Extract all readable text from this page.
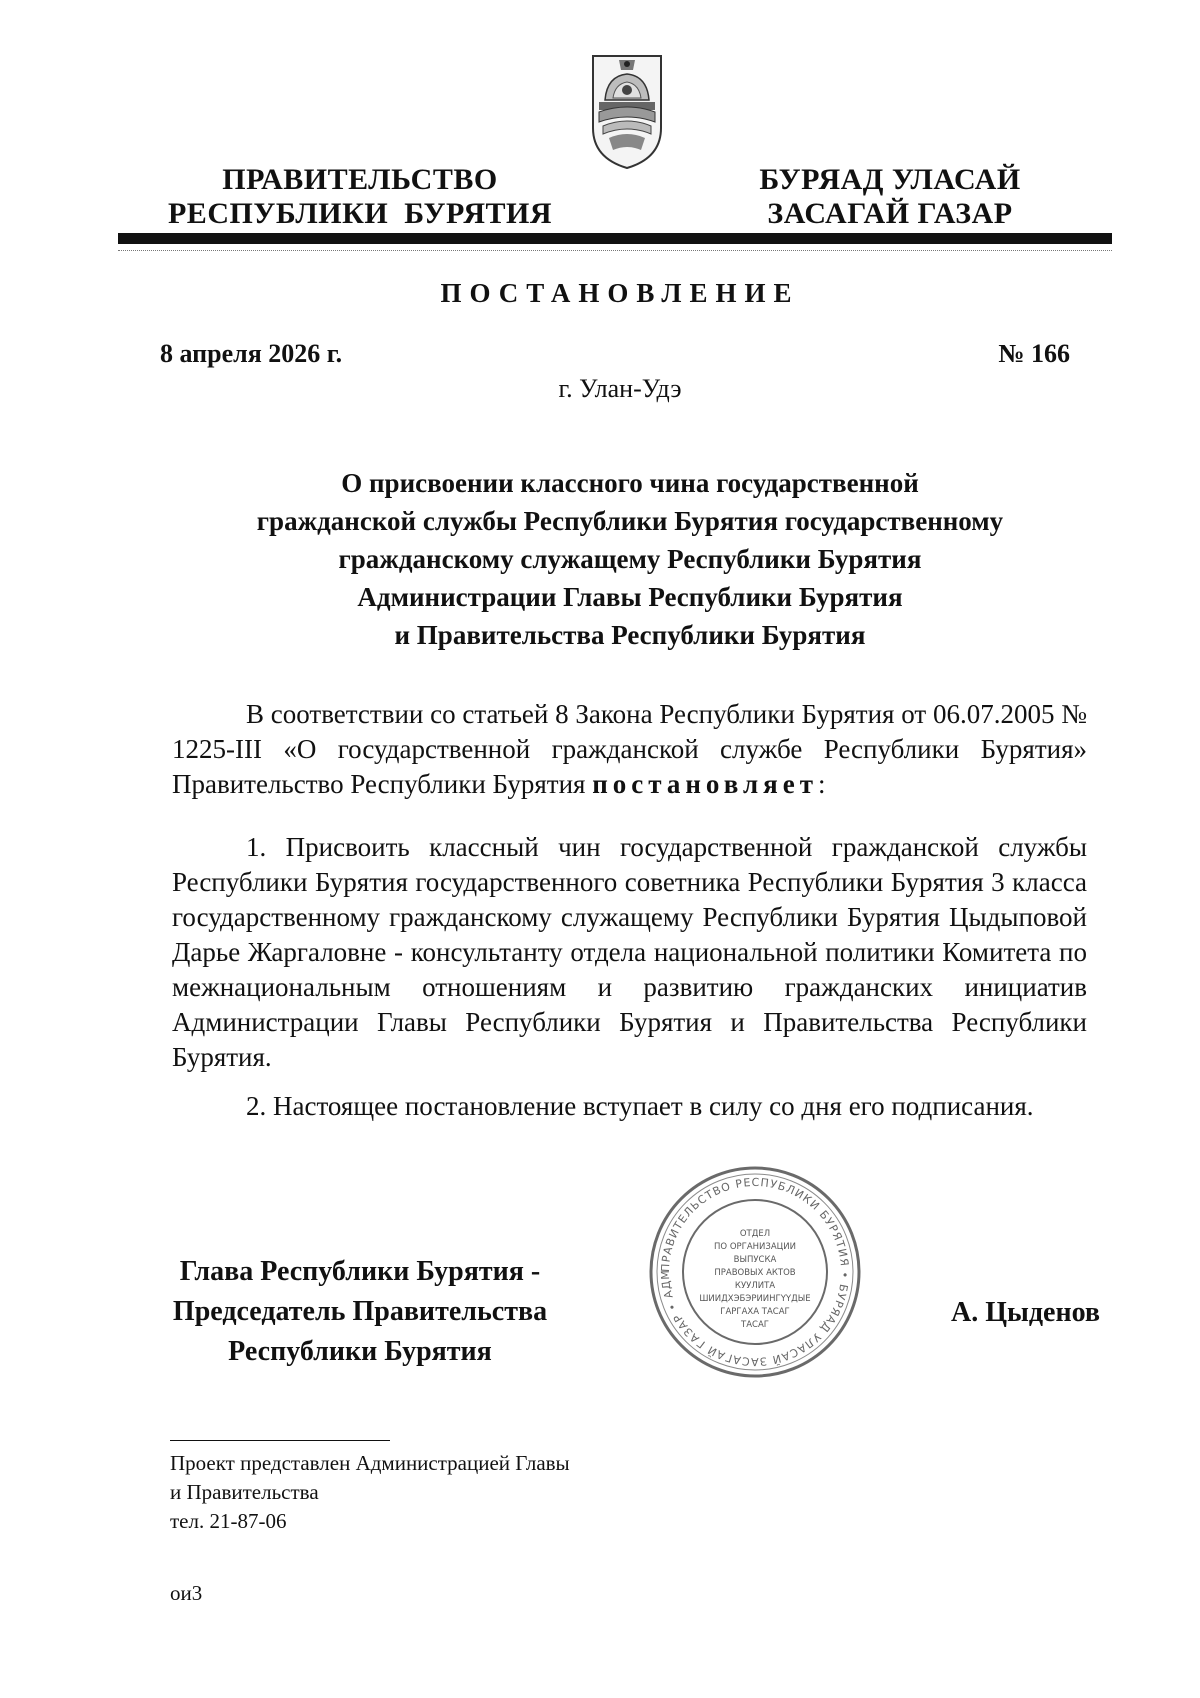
ПРАВИТЕЛЬСТВО
РЕСПУБЛИКИ  БУРЯТИЯ
БУРЯАД УЛАСАЙ
ЗАСАГАЙ ГАЗАР
ПОСТАНОВЛЕНИЕ
8 апреля 2026 г.	№ 166
г. Улан-Удэ
О присвоении классного чина государственной
гражданской службы Республики Бурятия государственному
гражданскому служащему Республики Бурятия
Администрации Главы Республики Бурятия
и Правительства Республики Бурятия
В соответствии со статьей 8 Закона Республики Бурятия от 06.07.2005 № 1225-III «О государственной гражданской службе Республики Бурятия» Правительство Республики Бурятия постановляет:
1. Присвоить классный чин государственной гражданской службы Республики Бурятия государственного советника Республики Бурятия 3 класса государственному гражданскому служащему Республики Бурятия Цыдыповой Дарье Жаргаловне - консультанту отдела национальной политики Комитета по межнациональным отношениям и развитию гражданских инициатив Администрации Главы Республики Бурятия и Правительства Республики Бурятия.
2. Настоящее постановление вступает в силу со дня его подписания.
Глава Республики Бурятия -
Председатель Правительства
Республики Бурятия
А. Цыденов
ПРАВИТЕЛЬСТВО РЕСПУБЛИКИ БУРЯТИЯ • БУРЯАД УЛАСАЙ ЗАСАГАЙ ГАЗАР • АДМ
ОТДЕЛ
ПО ОРГАНИЗАЦИИ
ВЫПУСКА
ПРАВОВЫХ АКТОВ
КУУЛИТА
ШИИДХЭБЭРИИНГҮҮДЫЕ
ГАРГАХА ТАСАГ
ТАСАГ
Проект представлен Администрацией Главы
и Правительства
тел. 21-87-06
ои3
